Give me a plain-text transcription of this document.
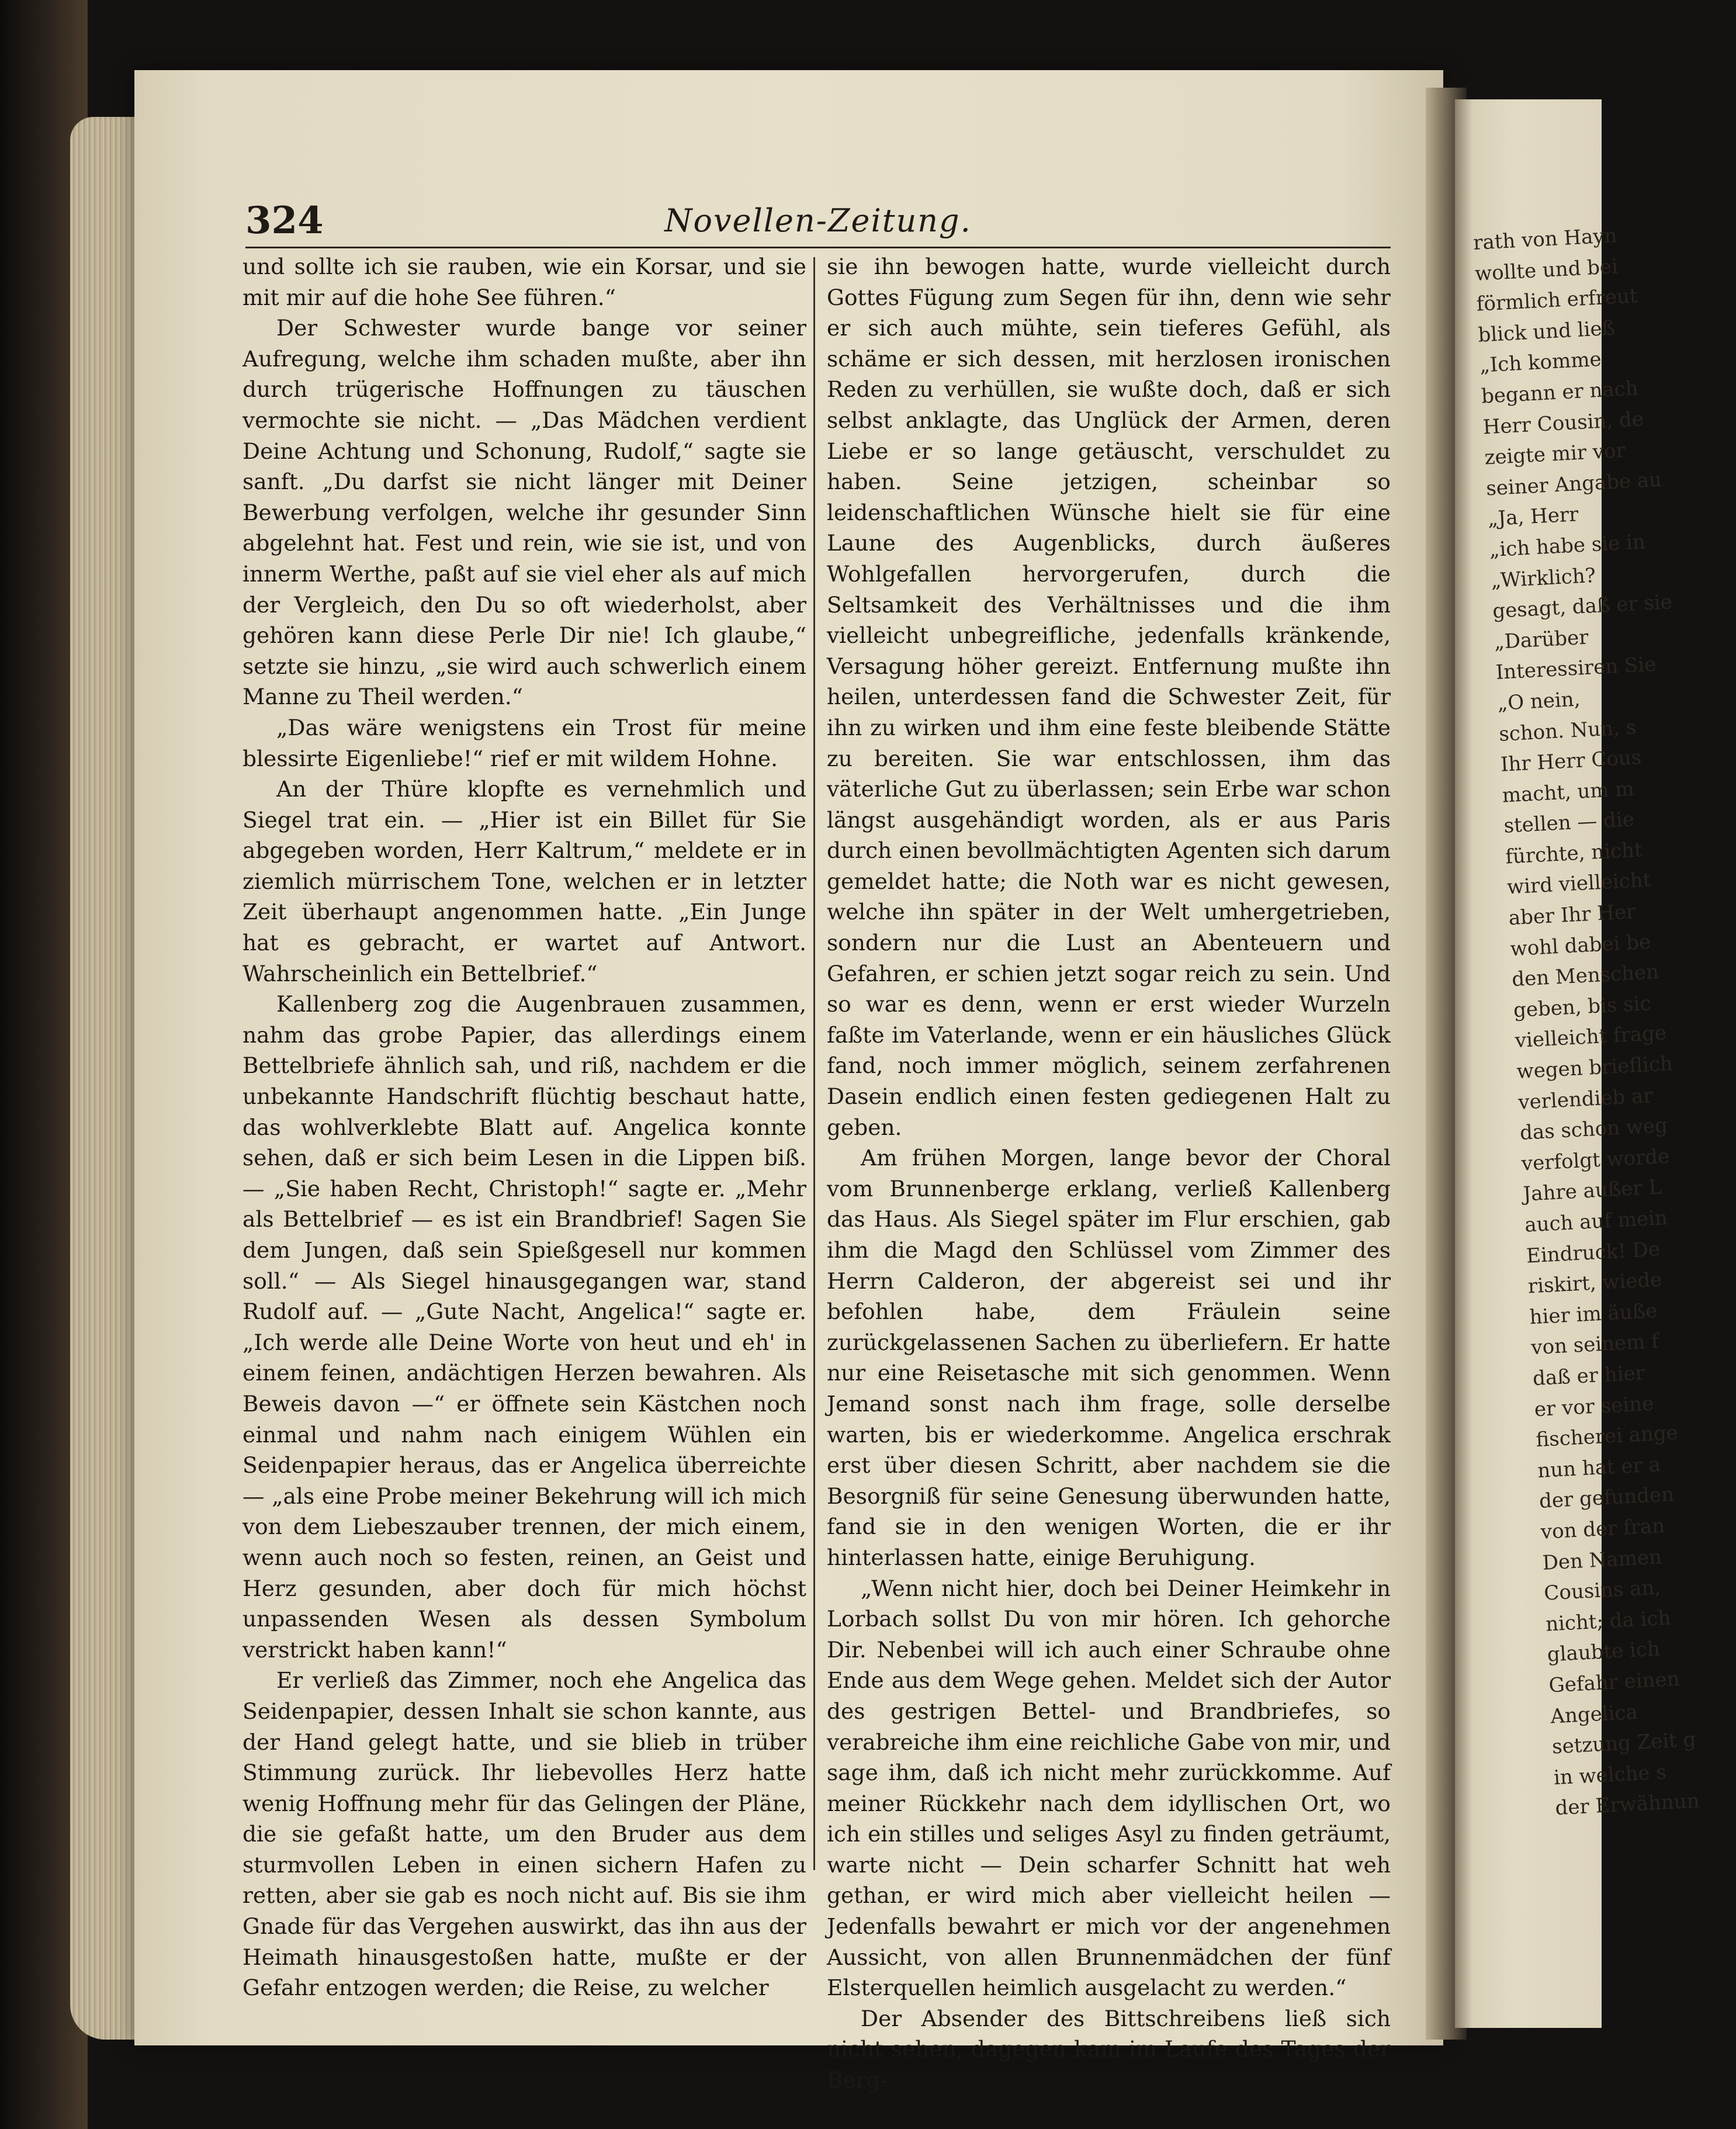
rath von Hayn
wollte und bei
förmlich erfreut
blick und ließ
„Ich komme
begann er nach
Herr Cousin, de
zeigte mir vor
seiner Angabe au
„Ja, Herr
„ich habe sie in
„Wirklich?
gesagt, daß er sie
„Darüber
Interessiren Sie
„O nein,
schon. Nun, s
Ihr Herr Cous
macht, um m
stellen — die
fürchte, nicht
wird vielleicht
aber Ihr Her
wohl dabei be
den Menschen
geben, bis sic
vielleicht frage
wegen brieflich
verlendieb ar
das schon weg
verfolgt worde
Jahre außer L
auch auf mein
Eindruck! De
riskirt, wiede
hier im äuße
von seinem f
daß er hier
er vor seine
fischerei ange
nun hat er a
der gefunden
von der fran
Den Namen
Cousins an,
nicht; da ich
glaubte ich
Gefahr einen
Angelica
setzung Zeit g
in welche s
der Erwähnun
324	Novellen-Zeitung.

und sollte ich sie rauben, wie ein Korsar, und sie mit mir auf die hohe See führen.“

Der Schwester wurde bange vor seiner Aufregung, welche ihm schaden mußte, aber ihn durch trügerische Hoffnungen zu täuschen vermochte sie nicht. — „Das Mädchen verdient Deine Achtung und Schonung, Rudolf,“ sagte sie sanft. „Du darfst sie nicht länger mit Deiner Bewerbung verfolgen, welche ihr gesunder Sinn abgelehnt hat. Fest und rein, wie sie ist, und von innerm Werthe, paßt auf sie viel eher als auf mich der Vergleich, den Du so oft wiederholst, aber gehören kann diese Perle Dir nie! Ich glaube,“ setzte sie hinzu, „sie wird auch schwerlich einem Manne zu Theil werden.“

„Das wäre wenigstens ein Trost für meine blessirte Eigenliebe!“ rief er mit wildem Hohne.

An der Thüre klopfte es vernehmlich und Siegel trat ein. — „Hier ist ein Billet für Sie abgegeben worden, Herr Kaltrum,“ meldete er in ziemlich mürrischem Tone, welchen er in letzter Zeit überhaupt angenommen hatte. „Ein Junge hat es gebracht, er wartet auf Antwort. Wahrscheinlich ein Bettelbrief.“

Kallenberg zog die Augenbrauen zusammen, nahm das grobe Papier, das allerdings einem Bettelbriefe ähnlich sah, und riß, nachdem er die unbekannte Handschrift flüchtig beschaut hatte, das wohlverklebte Blatt auf. Angelica konnte sehen, daß er sich beim Lesen in die Lippen biß. — „Sie haben Recht, Christoph!“ sagte er. „Mehr als Bettelbrief — es ist ein Brandbrief! Sagen Sie dem Jungen, daß sein Spießgesell nur kommen soll.“ — Als Siegel hinausgegangen war, stand Rudolf auf. — „Gute Nacht, Angelica!“ sagte er. „Ich werde alle Deine Worte von heut und eh' in einem feinen, andächtigen Herzen bewahren. Als Beweis davon —“ er öffnete sein Kästchen noch einmal und nahm nach einigem Wühlen ein Seidenpapier heraus, das er Angelica überreichte — „als eine Probe meiner Bekehrung will ich mich von dem Liebeszauber trennen, der mich einem, wenn auch noch so festen, reinen, an Geist und Herz gesunden, aber doch für mich höchst unpassenden Wesen als dessen Symbolum verstrickt haben kann!“

Er verließ das Zimmer, noch ehe Angelica das Seidenpapier, dessen Inhalt sie schon kannte, aus der Hand gelegt hatte, und sie blieb in trüber Stimmung zurück. Ihr liebevolles Herz hatte wenig Hoffnung mehr für das Gelingen der Pläne, die sie gefaßt hatte, um den Bruder aus dem sturmvollen Leben in einen sichern Hafen zu retten, aber sie gab es noch nicht auf. Bis sie ihm Gnade für das Vergehen auswirkt, das ihn aus der Heimath hinausgestoßen hatte, mußte er der Gefahr entzogen werden; die Reise, zu welcher

sie ihn bewogen hatte, wurde vielleicht durch Gottes Fügung zum Segen für ihn, denn wie sehr er sich auch mühte, sein tieferes Gefühl, als schäme er sich dessen, mit herzlosen ironischen Reden zu verhüllen, sie wußte doch, daß er sich selbst anklagte, das Unglück der Armen, deren Liebe er so lange getäuscht, verschuldet zu haben. Seine jetzigen, scheinbar so leidenschaftlichen Wünsche hielt sie für eine Laune des Augenblicks, durch äußeres Wohlgefallen hervorgerufen, durch die Seltsamkeit des Verhältnisses und die ihm vielleicht unbegreifliche, jedenfalls kränkende, Versagung höher gereizt. Entfernung mußte ihn heilen, unterdessen fand die Schwester Zeit, für ihn zu wirken und ihm eine feste bleibende Stätte zu bereiten. Sie war entschlossen, ihm das väterliche Gut zu überlassen; sein Erbe war schon längst ausgehändigt worden, als er aus Paris durch einen bevollmächtigten Agenten sich darum gemeldet hatte; die Noth war es nicht gewesen, welche ihn später in der Welt umhergetrieben, sondern nur die Lust an Abenteuern und Gefahren, er schien jetzt sogar reich zu sein. Und so war es denn, wenn er erst wieder Wurzeln faßte im Vaterlande, wenn er ein häusliches Glück fand, noch immer möglich, seinem zerfahrenen Dasein endlich einen festen gediegenen Halt zu geben.

Am frühen Morgen, lange bevor der Choral vom Brunnenberge erklang, verließ Kallenberg das Haus. Als Siegel später im Flur erschien, gab ihm die Magd den Schlüssel vom Zimmer des Herrn Calderon, der abgereist sei und ihr befohlen habe, dem Fräulein seine zurückgelassenen Sachen zu überliefern. Er hatte nur eine Reisetasche mit sich genommen. Wenn Jemand sonst nach ihm frage, solle derselbe warten, bis er wiederkomme. Angelica erschrak erst über diesen Schritt, aber nachdem sie die Besorgniß für seine Genesung überwunden hatte, fand sie in den wenigen Worten, die er ihr hinterlassen hatte, einige Beruhigung.

„Wenn nicht hier, doch bei Deiner Heimkehr in Lorbach sollst Du von mir hören. Ich gehorche Dir. Nebenbei will ich auch einer Schraube ohne Ende aus dem Wege gehen. Meldet sich der Autor des gestrigen Bettel- und Brandbriefes, so verabreiche ihm eine reichliche Gabe von mir, und sage ihm, daß ich nicht mehr zurückkomme. Auf meiner Rückkehr nach dem idyllischen Ort, wo ich ein stilles und seliges Asyl zu finden geträumt, warte nicht — Dein scharfer Schnitt hat weh gethan, er wird mich aber vielleicht heilen — Jedenfalls bewahrt er mich vor der angenehmen Aussicht, von allen Brunnenmädchen der fünf Elsterquellen heimlich ausgelacht zu werden.“

Der Absender des Bittschreibens ließ sich nicht sehen, dagegen kam im Laufe des Tages der Berg-
